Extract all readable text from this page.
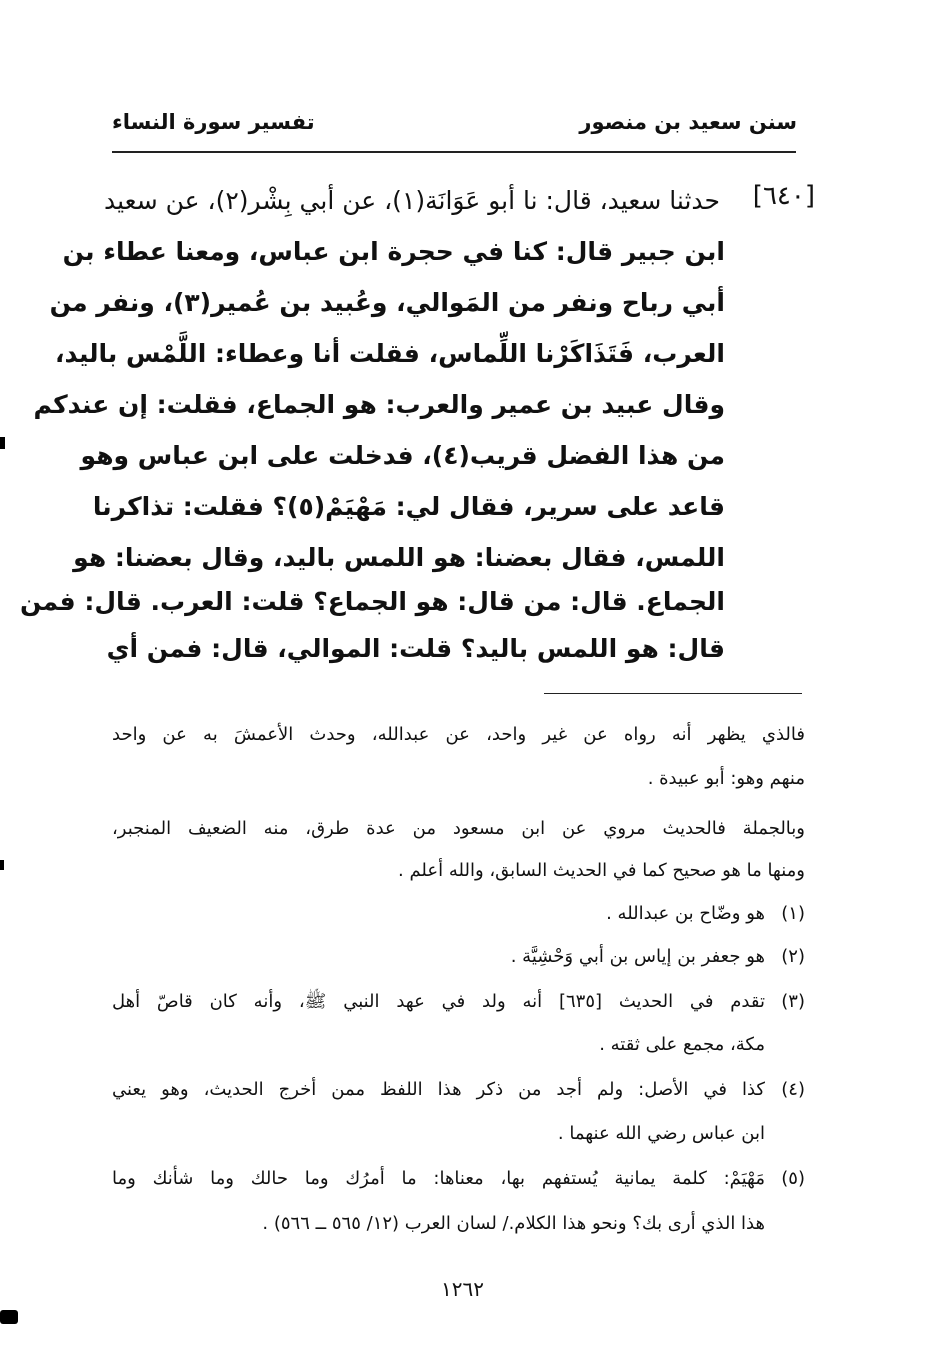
سنن سعيد بن منصور
تفسير سورة النساء
[٦٤٠]
حدثنا سعيد، قال: نا أبو عَوَانَة(١)، عن أبي بِشْر(٢)، عن سعيد
ابن جبير قال: كنا في حجرة ابن عباس، ومعنا عطاء بن
أبي رباح ونفر من المَوالي، وعُبيد بن عُمير(٣)، ونفر من
العرب، فَتَذَاكَرْنا اللِّماس، فقلت أنا وعطاء: اللَّمْس باليد،
وقال عبيد بن عمير والعرب: هو الجماع، فقلت: إن عندكم
من هذا الفضل قريب(٤)، فدخلت على ابن عباس وهو
قاعد على سرير، فقال لي: مَهْيَمْ(٥)؟ فقلت: تذاكرنا
اللمس، فقال بعضنا: هو اللمس باليد، وقال بعضنا: هو
الجماع. قال: من قال: هو الجماع؟ قلت: العرب. قال: فمن
قال: هو اللمس باليد؟ قلت: الموالي، قال: فمن أي
فالذي يظهر أنه رواه عن غير واحد، عن عبدالله، وحدث الأعمشَ به عن واحد
منهم وهو: أبو عبيدة .
وبالجملة فالحديث مروي عن ابن مسعود من عدة طرق، منه الضعيف المنجبر،
ومنها ما هو صحيح كما في الحديث السابق، والله أعلم .
(١)
هو وضّاح بن عبدالله .
(٢)
هو جعفر بن إياس بن أبي وَحْشِيَّة .
(٣)
تقدم في الحديث [٦٣٥] أنه ولد في عهد النبي ﷺ، وأنه كان قاصّ أهل
مكة، مجمع على ثقته .
(٤)
كذا في الأصل: ولم أجد من ذكر هذا اللفظ ممن أخرج الحديث، وهو يعني
ابن عباس رضي الله عنهما .
(٥)
مَهْيَمْ: كلمة يمانية يُستفهم بها، معناها: ما أمرُك وما حالك وما شأنك وما
هذا الذي أرى بك؟ ونحو هذا الكلام./ لسان العرب (١٢/ ٥٦٥ ــ ٥٦٦) .
١٢٦٢
